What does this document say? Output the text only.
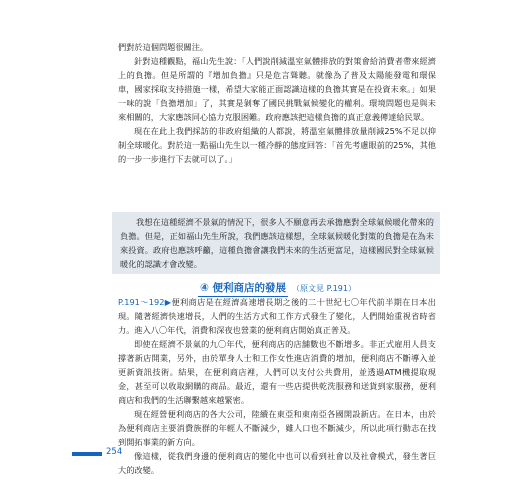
們對於這個問題很關注。

針對這種觀點，福山先生說：「人們說削減溫室氣體排放的對策會給消費者帶來經濟上的負擔。但是所謂的『增加負擔』只是危言聳聽。就像為了普及太陽能發電和環保車，國家採取支持措施一樣，希望大家能正面認識這樣的負擔其實是在投資未來。」如果一味的說「負擔增加」了，其實是剝奪了國民挑戰氣候變化的權利。環境問題也是與未來相關的，大家應該同心協力克服困難。政府應該把這樣負擔的真正意義傳達給民眾。

現在在此上我們採訪的非政府組織的人都說，將溫室氣體排放量削減25%不足以抑制全球暖化。對於這一點福山先生以一種冷靜的態度回答：「首先考慮眼前的25%，其他的一步一步進行下去就可以了。」

我想在這種經濟不景氣的情況下，很多人不願意再去承擔應對全球氣候暖化帶來的負擔。但是，正如福山先生所說，我們應該這樣想，全球氣候暖化對策的負擔是在為未來投資。政府也應該呼籲，這種負擔會讓我們未來的生活更富足，這樣國民對全球氣候暖化的認識才會改變。

④ 便利商店的發展 （原文見 P.191）

P.191～192▶便利商店是在經濟高速增長期之後的二十世紀七〇年代前半期在日本出現。隨著經濟快速增長，人們的生活方式和工作方式發生了變化，人們開始重視省時省力。進入八〇年代，消費和深夜也營業的便利商店開始真正普及。

即使在經濟不景氣的九〇年代，便利商店的店舖數也不斷增多。非正式雇用人員支撐著新店開業，另外，由於單身人士和工作女性進店消費的增加，便利商店不斷導入並更新資訊技術。結果，在便利商店裡，人們可以支付公共費用，並透過ATM機提取現金，甚至可以收取網購的商品。最近，還有一些店提供乾洗服務和送貨到家服務，便利商店和我們的生活聯繫越來越緊密。

現在經營便利商店的各大公司，陸續在東亞和東南亞各國開設新店。在日本，由於為便利商店主要消費族群的年輕人不斷減少，雖人口也不斷減少，所以此項行動志在找到開拓事業的新方向。

像這樣，從我們身邊的便利商店的變化中也可以看到社會以及社會模式，發生著巨大的改變。

254
